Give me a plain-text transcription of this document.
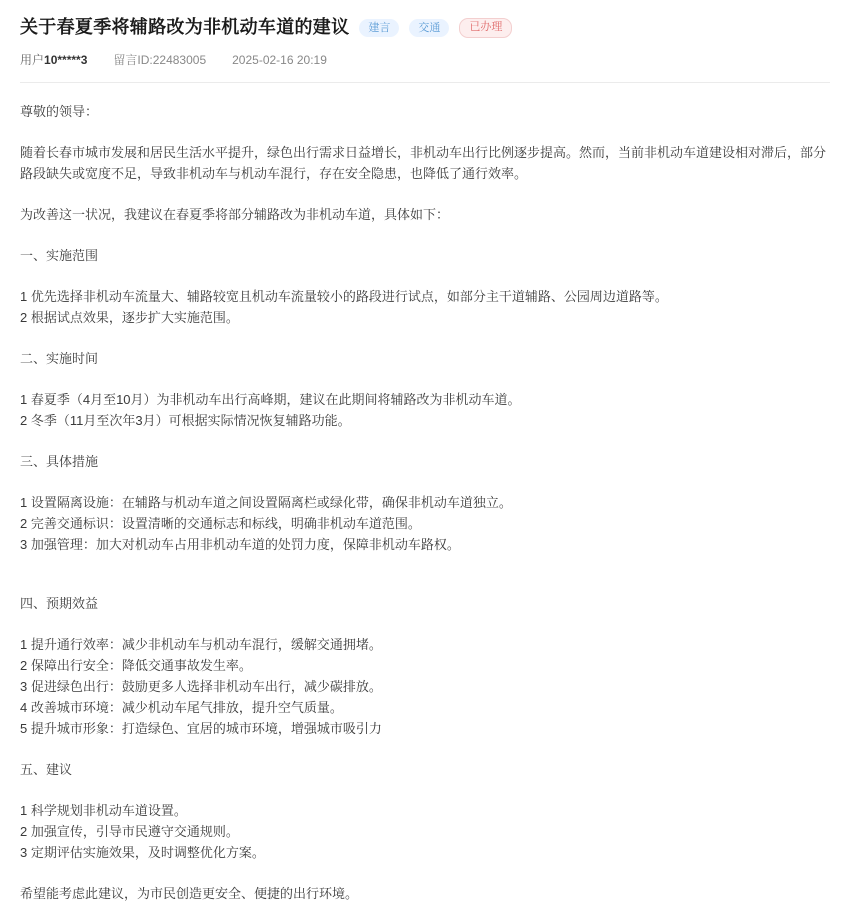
关于春夏季将辅路改为非机动车道的建议	建言	交通	已办理
用户10*****3 留言ID:22483005 2025-02-16 20:19

尊敬的领导：

随着长春市城市发展和居民生活水平提升，绿色出行需求日益增长，非机动车出行比例逐步提高。然而，当前非机动车道建设相对滞后，部分路段缺失或宽度不足，导致非机动车与机动车混行，存在安全隐患，也降低了通行效率。

为改善这一状况，我建议在春夏季将部分辅路改为非机动车道，具体如下：

一、实施范围

1 优先选择非机动车流量大、辅路较宽且机动车流量较小的路段进行试点，如部分主干道辅路、公园周边道路等。

2 根据试点效果，逐步扩大实施范围。

二、实施时间

1 春夏季（4月至10月）为非机动车出行高峰期，建议在此期间将辅路改为非机动车道。

2 冬季（11月至次年3月）可根据实际情况恢复辅路功能。

三、具体措施

1 设置隔离设施：在辅路与机动车道之间设置隔离栏或绿化带，确保非机动车道独立。

2 完善交通标识：设置清晰的交通标志和标线，明确非机动车道范围。

3 加强管理：加大对机动车占用非机动车道的处罚力度，保障非机动车路权。

四、预期效益

1 提升通行效率：减少非机动车与机动车混行，缓解交通拥堵。

2 保障出行安全：降低交通事故发生率。

3 促进绿色出行：鼓励更多人选择非机动车出行，减少碳排放。

4 改善城市环境：减少机动车尾气排放，提升空气质量。

5 提升城市形象：打造绿色、宜居的城市环境，增强城市吸引力

五、建议

1 科学规划非机动车道设置。

2 加强宣传，引导市民遵守交通规则。

3 定期评估实施效果，及时调整优化方案。

希望能考虑此建议，为市民创造更安全、便捷的出行环境。
